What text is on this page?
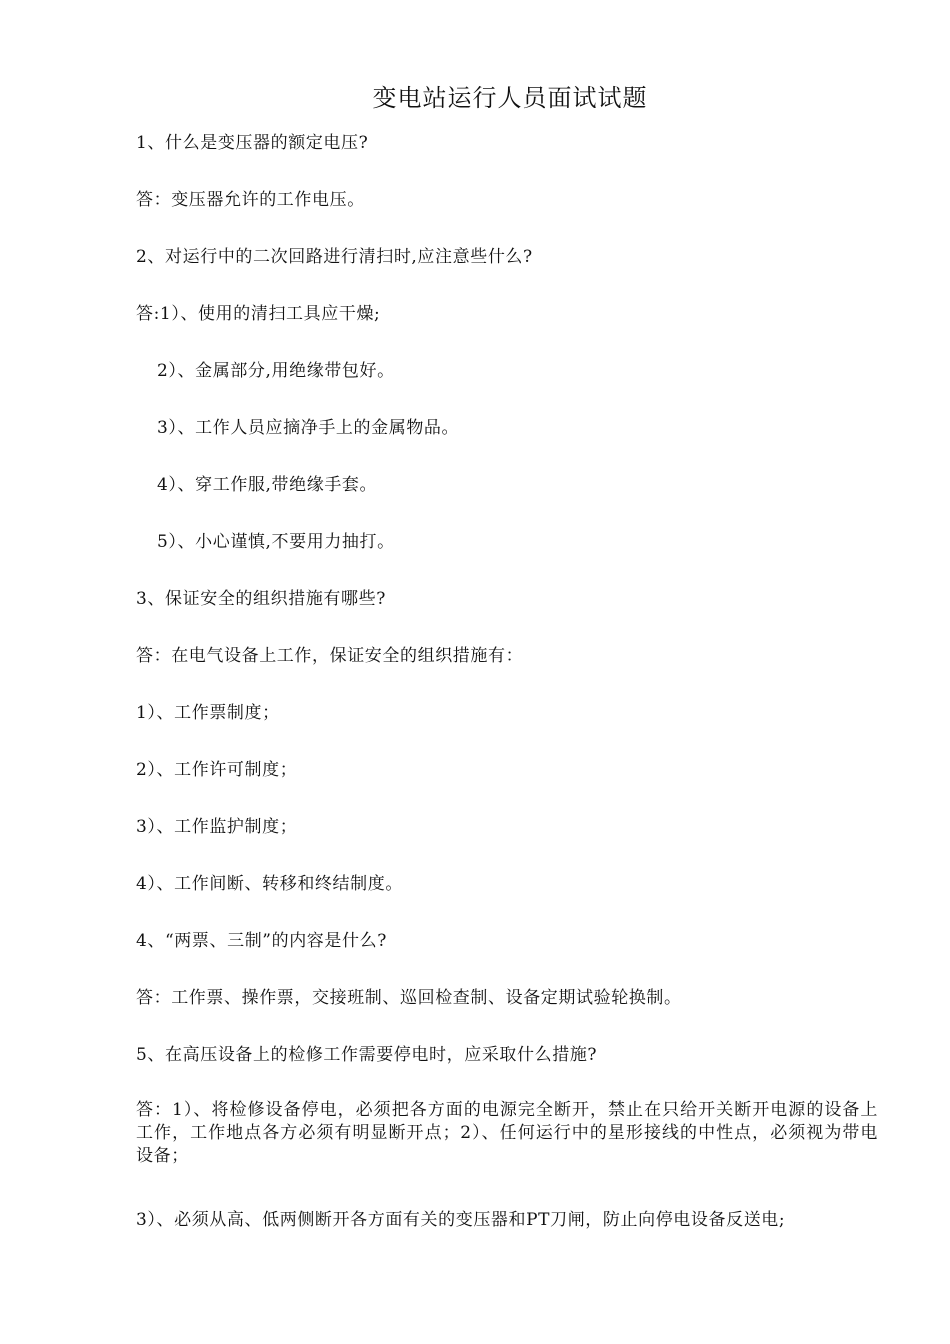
变电站运行人员面试试题
1、什么是变压器的额定电压?
答：变压器允许的工作电压。
2、对运行中的二次回路进行清扫时,应注意些什么?
答:1）、使用的清扫工具应干燥;
2）、金属部分,用绝缘带包好。
3）、工作人员应摘净手上的金属物品。
4）、穿工作服,带绝缘手套。
5）、小心谨慎,不要用力抽打。
3、保证安全的组织措施有哪些?
答：在电气设备上工作，保证安全的组织措施有：
1）、工作票制度；
2）、工作许可制度；
3）、工作监护制度；
4）、工作间断、转移和终结制度。
4、“两票、三制”的内容是什么?
答：工作票、操作票，交接班制、巡回检查制、设备定期试验轮换制。
5、在高压设备上的检修工作需要停电时，应采取什么措施?
答：1）、将检修设备停电，必须把各方面的电源完全断开，禁止在只给开关断开电源的设备上工作，工作地点各方必须有明显断开点；2）、任何运行中的星形接线的中性点，必须视为带电设备；
3）、必须从高、低两侧断开各方面有关的变压器和PT刀闸，防止向停电设备反送电;
